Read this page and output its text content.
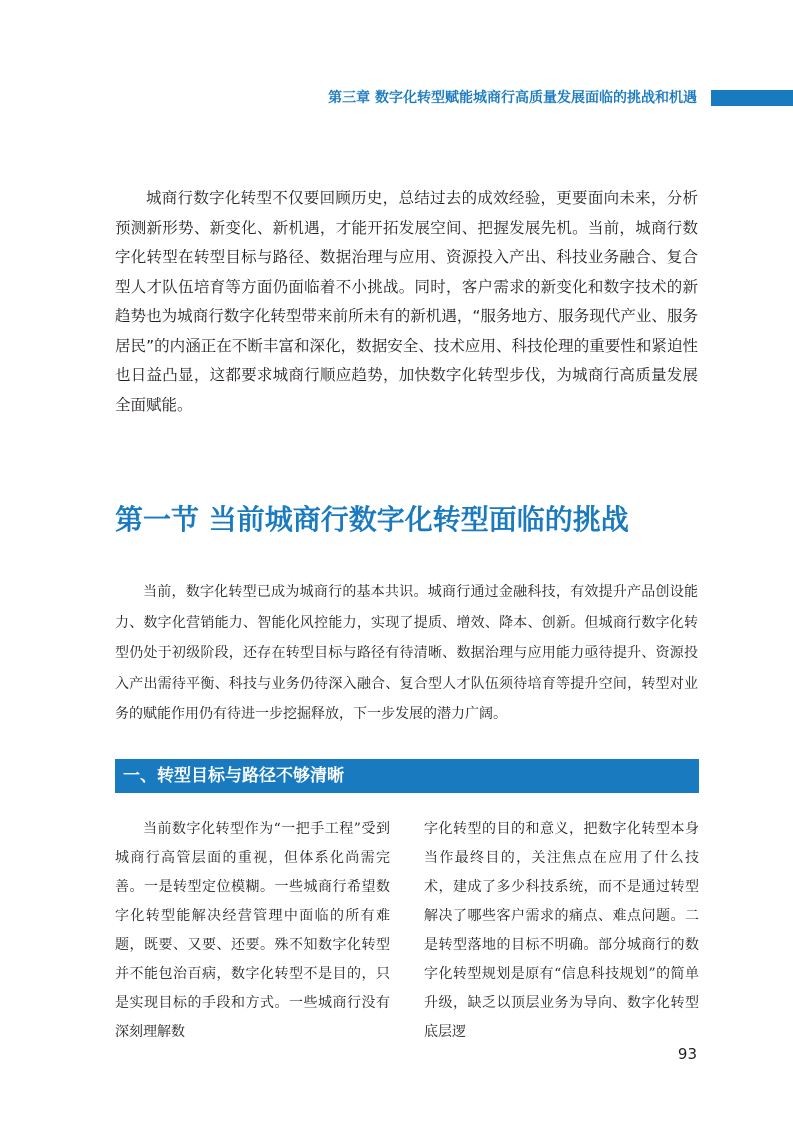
第三章 数字化转型赋能城商行高质量发展面临的挑战和机遇

城商行数字化转型不仅要回顾历史，总结过去的成效经验，更要面向未来，分析预测新形势、新变化、新机遇，才能开拓发展空间、把握发展先机。当前，城商行数字化转型在转型目标与路径、数据治理与应用、资源投入产出、科技业务融合、复合型人才队伍培育等方面仍面临着不小挑战。同时，客户需求的新变化和数字技术的新趋势也为城商行数字化转型带来前所未有的新机遇，“服务地方、服务现代产业、服务居民”的内涵正在不断丰富和深化，数据安全、技术应用、科技伦理的重要性和紧迫性也日益凸显，这都要求城商行顺应趋势，加快数字化转型步伐，为城商行高质量发展全面赋能。

第一节 当前城商行数字化转型面临的挑战

当前，数字化转型已成为城商行的基本共识。城商行通过金融科技，有效提升产品创设能力、数字化营销能力、智能化风控能力，实现了提质、增效、降本、创新。但城商行数字化转型仍处于初级阶段，还存在转型目标与路径有待清晰、数据治理与应用能力亟待提升、资源投入产出需待平衡、科技与业务仍待深入融合、复合型人才队伍须待培育等提升空间，转型对业务的赋能作用仍有待进一步挖掘释放，下一步发展的潜力广阔。

一、转型目标与路径不够清晰

当前数字化转型作为“一把手工程”受到城商行高管层面的重视，但体系化尚需完善。一是转型定位模糊。一些城商行希望数字化转型能解决经营管理中面临的所有难题，既要、又要、还要。殊不知数字化转型并不能包治百病，数字化转型不是目的，只是实现目标的手段和方式。一些城商行没有深刻理解数

字化转型的目的和意义，把数字化转型本身当作最终目的，关注焦点在应用了什么技术，建成了多少科技系统，而不是通过转型解决了哪些客户需求的痛点、难点问题。二是转型落地的目标不明确。部分城商行的数字化转型规划是原有“信息科技规划”的简单升级，缺乏以顶层业务为导向、数字化转型底层逻

93
